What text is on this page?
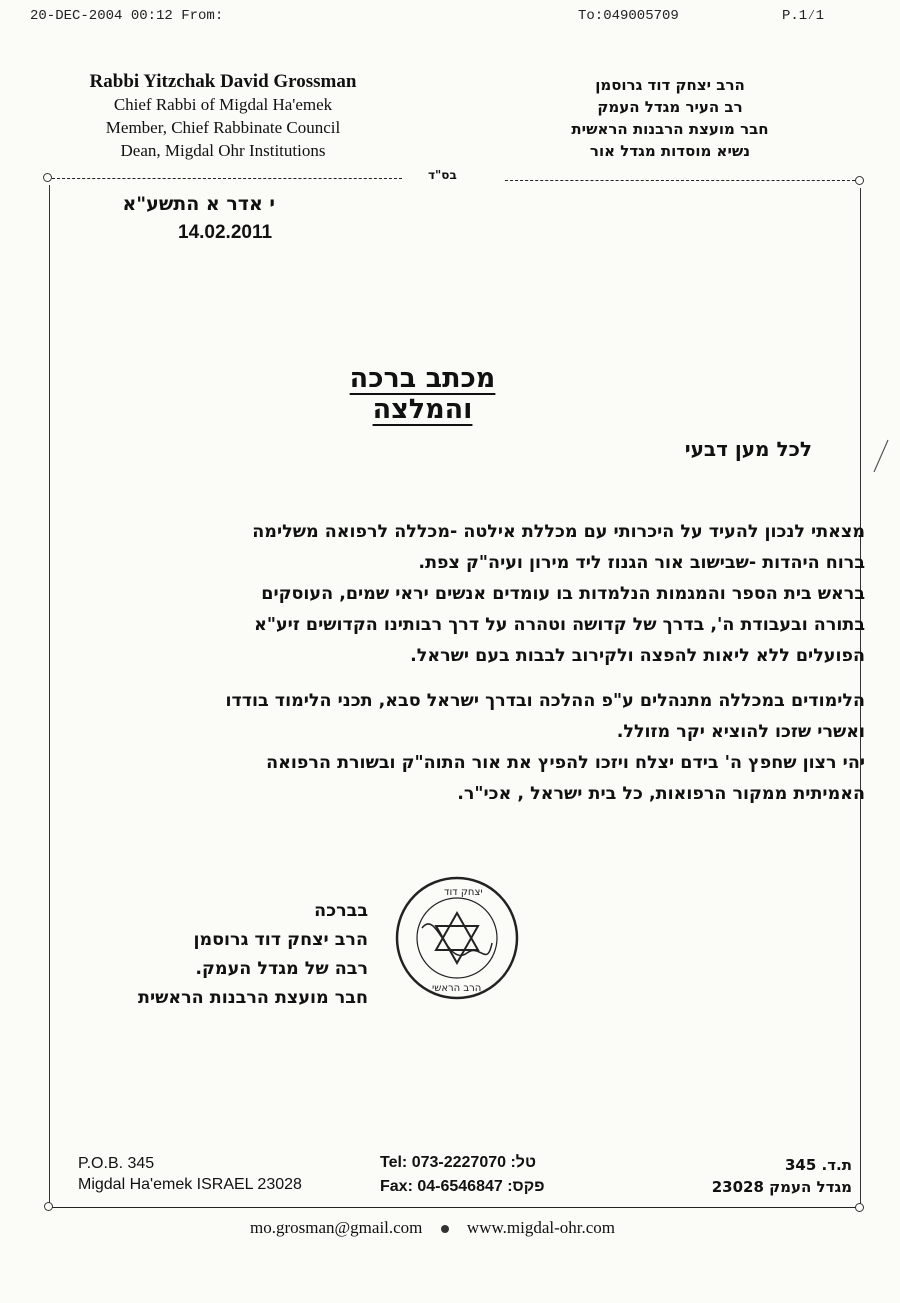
20-DEC-2004 00:12 From:	To:049005709	P.1⁄1
Rabbi Yitzchak David Grossman
Chief Rabbi of Migdal Ha'emek
Member, Chief Rabbinate Council
Dean, Migdal Ohr Institutions
הרב יצחק דוד גרוסמן
רב העיר מגדל העמק
חבר מועצת הרבנות הראשית
נשיא מוסדות מגדל אור
בס"ד
י אדר א התשע"א
14.02.2011
מכתב ברכה והמלצה
לכל מען דבעי

מצאתי לנכון להעיד על היכרותי עם מכללת אילטה -מכללה לרפואה משלימה

ברוח היהדות -שבישוב אור הגנוז ליד מירון ועיה"ק צפת.

בראש בית הספר והמגמות הנלמדות בו עומדים אנשים יראי שמים, העוסקים

בתורה ובעבודת ה', בדרך של קדושה וטהרה על דרך רבותינו הקדושים זיע"א

הפועלים ללא ליאות להפצה ולקירוב לבבות בעם ישראל.

הלימודים במכללה מתנהלים ע"פ ההלכה ובדרך ישראל סבא, תכני הלימוד בודדו

ואשרי שזכו להוציא יקר מזולל.

יהי רצון שחפץ ה' בידם יצלח ויזכו להפיץ את אור התוה"ק ובשורת הרפואה

האמיתית ממקור הרפואות, כל בית ישראל , אכי"ר.

בברכה
הרב יצחק דוד גרוסמן
רבה של מגדל העמק.
חבר מועצת הרבנות הראשית
יצחק דוד
הרב הראשי
P.O.B. 345
Migdal Ha'emek ISRAEL 23028
Tel: 073-2227070 :טל
Fax: 04-6546847 :פקס
ת.ד. 345
מגדל העמק 23028
mo.grosman@gmail.com	www.migdal-ohr.com
